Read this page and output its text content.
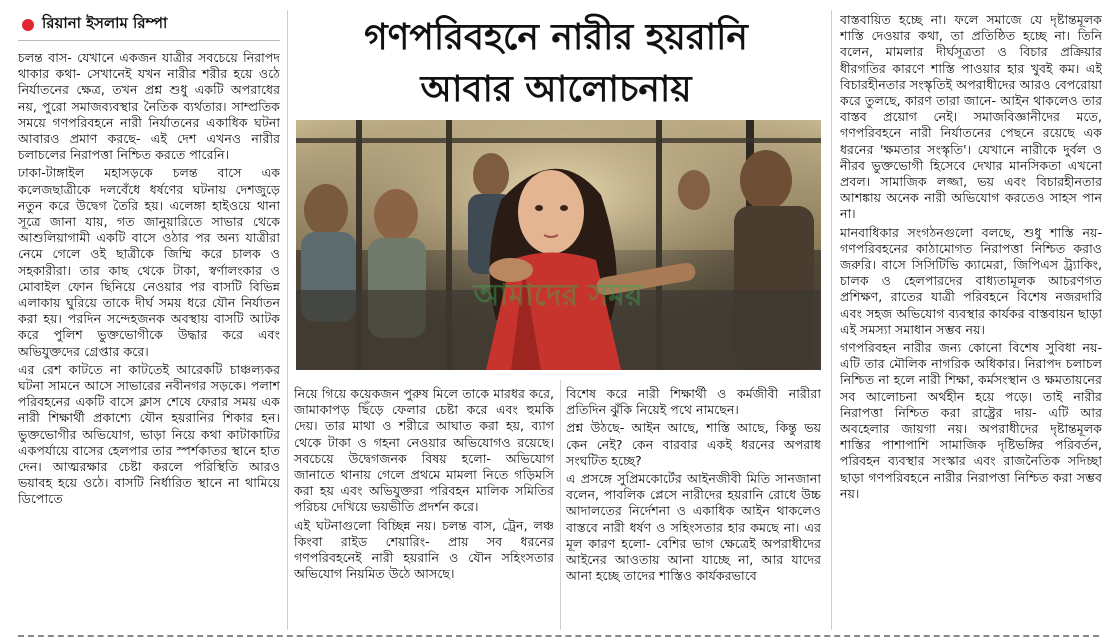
রিয়ানা ইসলাম রিম্পা	গণপরিবহনে নারীর হয়রানি
আবার আলোচনায়

চলন্ত বাস- যেখানে একজন যাত্রীর সবচেয়ে নিরাপদ থাকার কথা- সেখানেই যখন নারীর শরীর হয়ে ওঠে নির্যাতনের ক্ষেত্র, তখন প্রশ্ন শুধু একটি অপরাধের নয়, পুরো সমাজব্যবস্থার নৈতিক ব্যর্থতার। সাম্প্রতিক সময়ে গণপরিবহনে নারী নির্যাতনের একাধিক ঘটনা আবারও প্রমাণ করছে- এই দেশ এখনও নারীর চলাচলের নিরাপত্তা নিশ্চিত করতে পারেনি।

ঢাকা-টাঙ্গাইল মহাসড়কে চলন্ত বাসে এক কলেজছাত্রীকে দলবেঁধে ধর্ষণের ঘটনায় দেশজুড়ে নতুন করে উদ্বেগ তৈরি হয়। এলেঙ্গা হাইওয়ে থানা সূত্রে জানা যায়, গত জানুয়ারিতে সাভার থেকে আশুলিয়াগামী একটি বাসে ওঠার পর অন্য যাত্রীরা নেমে গেলে ওই ছাত্রীকে জিম্মি করে চালক ও সহকারীরা। তার কাছ থেকে টাকা, স্বর্ণালংকার ও মোবাইল ফোন ছিনিয়ে নেওয়ার পর বাসটি বিভিন্ন এলাকায় ঘুরিয়ে তাকে দীর্ঘ সময় ধরে যৌন নির্যাতন করা হয়। পরদিন সন্দেহজনক অবস্থায় বাসটি আটক করে পুলিশ ভুক্তভোগীকে উদ্ধার করে এবং অভিযুক্তদের গ্রেপ্তার করে।

এর রেশ কাটতে না কাটতেই আরেকটি চাঞ্চল্যকর ঘটনা সামনে আসে সাভারের নবীনগর সড়কে। পলাশ পরিবহনের একটি বাসে ক্লাস শেষে ফেরার সময় এক নারী শিক্ষার্থী প্রকাশ্যে যৌন হয়রানির শিকার হন। ভুক্তভোগীর অভিযোগ, ভাড়া নিয়ে কথা কাটাকাটির একপর্যায়ে বাসের হেলপার তার স্পর্শকাতর স্থানে হাত দেন। আত্মরক্ষার চেষ্টা করলে পরিস্থিতি আরও ভয়াবহ হয়ে ওঠে। বাসটি নির্ধারিত স্থানে না থামিয়ে ডিপোতে

আমাদের সময়

নিয়ে গিয়ে কয়েকজন পুরুষ মিলে তাকে মারধর করে, জামাকাপড় ছিঁড়ে ফেলার চেষ্টা করে এবং হুমকি দেয়। তার মাথা ও শরীরে আঘাত করা হয়, ব্যাগ থেকে টাকা ও গহনা নেওয়ার অভিযোগও রয়েছে। সবচেয়ে উদ্বেগজনক বিষয় হলো- অভিযোগ জানাতে থানায় গেলে প্রথমে মামলা নিতে গড়িমসি করা হয় এবং অভিযুক্তরা পরিবহন মালিক সমিতির পরিচয় দেখিয়ে ভয়ভীতি প্রদর্শন করে।

এই ঘটনাগুলো বিচ্ছিন্ন নয়। চলন্ত বাস, ট্রেন, লঞ্চ কিংবা রাইড শেয়ারিং- প্রায় সব ধরনের গণপরিবহনেই নারী হয়রানি ও যৌন সহিংসতার অভিযোগ নিয়মিত উঠে আসছে।

বিশেষ করে নারী শিক্ষার্থী ও কর্মজীবী নারীরা প্রতিদিন ঝুঁকি নিয়েই পথে নামছেন।

প্রশ্ন উঠছে- আইন আছে, শাস্তি আছে, কিন্তু ভয় কেন নেই? কেন বারবার একই ধরনের অপরাধ সংঘটিত হচ্ছে?

এ প্রসঙ্গে সুপ্রিমকোর্টের আইনজীবী মিতি সানজানা বলেন, পাবলিক প্লেসে নারীদের হয়রানি রোধে উচ্চ আদালতের নির্দেশনা ও একাধিক আইন থাকলেও বাস্তবে নারী ধর্ষণ ও সহিংসতার হার কমছে না। এর মূল কারণ হলো- বেশির ভাগ ক্ষেত্রেই অপরাধীদের আইনের আওতায় আনা যাচ্ছে না, আর যাদের আনা হচ্ছে তাদের শাস্তিও কার্যকরভাবে

বাস্তবায়িত হচ্ছে না। ফলে সমাজে যে দৃষ্টান্তমূলক শাস্তি দেওয়ার কথা, তা প্রতিষ্ঠিত হচ্ছে না। তিনি বলেন, মামলার দীর্ঘসূত্রতা ও বিচার প্রক্রিয়ার ধীরগতির কারণে শাস্তি পাওয়ার হার খুবই কম। এই বিচারহীনতার সংস্কৃতিই অপরাধীদের আরও বেপরোয়া করে তুলছে, কারণ তারা জানে- আইন থাকলেও তার বাস্তব প্রয়োগ নেই। সমাজবিজ্ঞানীদের মতে, গণপরিবহনে নারী নির্যাতনের পেছনে রয়েছে এক ধরনের 'ক্ষমতার সংস্কৃতি'। যেখানে নারীকে দুর্বল ও নীরব ভুক্তভোগী হিসেবে দেখার মানসিকতা এখনো প্রবল। সামাজিক লজ্জা, ভয় এবং বিচারহীনতার আশঙ্কায় অনেক নারী অভিযোগ করতেও সাহস পান না।

মানবাধিকার সংগঠনগুলো বলছে, শুধু শাস্তি নয়- গণপরিবহনের কাঠামোগত নিরাপত্তা নিশ্চিত করাও জরুরি। বাসে সিসিটিভি ক্যামেরা, জিপিএস ট্র্যাকিং, চালক ও হেলপারদের বাধ্যতামূলক আচরণগত প্রশিক্ষণ, রাতের যাত্রী পরিবহনে বিশেষ নজরদারি এবং সহজ অভিযোগ ব্যবস্থার কার্যকর বাস্তবায়ন ছাড়া এই সমস্যা সমাধান সম্ভব নয়।

গণপরিবহন নারীর জন্য কোনো বিশেষ সুবিধা নয়- এটি তার মৌলিক নাগরিক অধিকার। নিরাপদ চলাচল নিশ্চিত না হলে নারী শিক্ষা, কর্মসংস্থান ও ক্ষমতায়নের সব আলোচনা অর্থহীন হয়ে পড়ে। তাই নারীর নিরাপত্তা নিশ্চিত করা রাষ্ট্রের দায়- এটি আর অবহেলার জায়গা নয়। অপরাধীদের দৃষ্টান্তমূলক শাস্তির পাশাপাশি সামাজিক দৃষ্টিভঙ্গির পরিবর্তন, পরিবহন ব্যবস্থার সংস্কার এবং রাজনৈতিক সদিচ্ছা ছাড়া গণপরিবহনে নারীর নিরাপত্তা নিশ্চিত করা সম্ভব নয়।
